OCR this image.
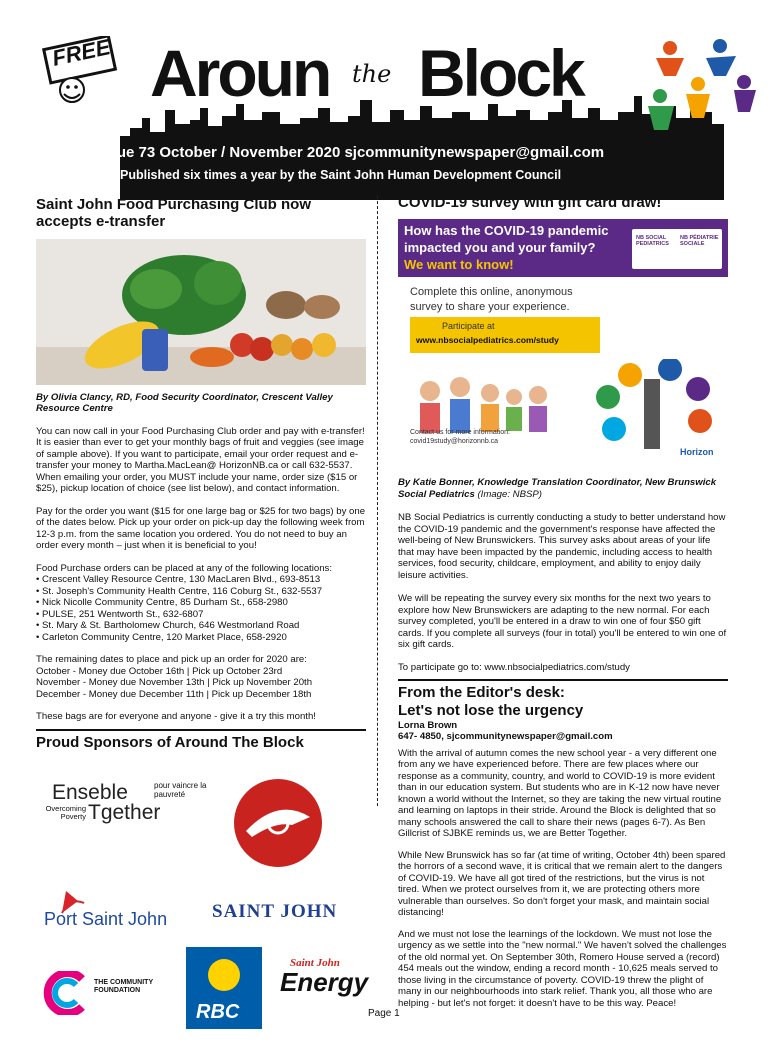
FREE Aroun the Block
Issue 73 October / November 2020 sjcommunitynewspaper@gmail.com
Published six times a year by the Saint John Human Development Council
Saint John Food Purchasing Club now accepts e-transfer

By Olivia Clancy, RD, Food Security Coordinator, Crescent Valley Resource Centre

You can now call in your Food Purchasing Club order and pay with e-transfer! It is easier than ever to get your monthly bags of fruit and veggies (see image of sample above). If you want to participate, email your order request and e-transfer your money to Martha.MacLean@ HorizonNB.ca or call 632-5537. When emailing your order, you MUST include your name, order size ($15 or $25), pickup location of choice (see list below), and contact information.

Pay for the order you want ($15 for one large bag or $25 for two bags) by one of the dates below. Pick up your order on pick-up day the following week from 12-3 p.m. from the same location you ordered. You do not need to buy an order every month – just when it is beneficial to you!

Food Purchase orders can be placed at any of the following locations:

• Crescent Valley Resource Centre, 130 MacLaren Blvd., 693-8513

• St. Joseph's Community Health Centre, 116 Coburg St., 632-5537

• Nick Nicolle Community Centre, 85 Durham St., 658-2980

• PULSE, 251 Wentworth St., 632-6807

• St. Mary & St. Bartholomew Church, 646 Westmorland Road

• Carleton Community Centre, 120 Market Place, 658-2920

The remaining dates to place and pick up an order for 2020 are:

October - Money due October 16th | Pick up October 23rd

November - Money due November 13th | Pick up November 20th

December - Money due December 11th | Pick up December 18th

These bags are for everyone and anyone - give it a try this month!

Proud Sponsors of Around The Block
Enseble	pour vaincre la pauvreté
Overcoming Poverty Tgether
Port Saint John SAINT JOHN
THE COMMUNITY FOUNDATION
RBC
Saint John
Energy
COVID-19 survey with gift card draw!
How has the COVID-19 pandemic
impacted you and your family?
We want to know!
NB SOCIAL PEDIATRICS
NB PÉDIATRIE SOCIALE
Complete this online, anonymous survey to share your experience.
Participate at
www.nbsocialpediatrics.com/study
Contact us for more information: covid19study@horizonnb.ca
Horizon

By Katie Bonner, Knowledge Translation Coordinator, New Brunswick Social Pediatrics (Image: NBSP)

NB Social Pediatrics is currently conducting a study to better understand how the COVID-19 pandemic and the government's response have affected the well-being of New Brunswickers. This survey asks about areas of your life that may have been impacted by the pandemic, including access to health services, food security, childcare, employment, and ability to enjoy daily leisure activities.

We will be repeating the survey every six months for the next two years to explore how New Brunswickers are adapting to the new normal. For each survey completed, you'll be entered in a draw to win one of four $50 gift cards. If you complete all surveys (four in total) you'll be entered to win one of six gift cards.

To participate go to: www.nbsocialpediatrics.com/study

From the Editor's desk:
Let's not lose the urgency

Lorna Brown

647- 4850, sjcommunitynewspaper@gmail.com

With the arrival of autumn comes the new school year - a very different one from any we have experienced before. There are few places where our response as a community, country, and world to COVID-19 is more evident than in our education system. But students who are in K-12 now have never known a world without the Internet, so they are taking the new virtual routine and learning on laptops in their stride. Around the Block is delighted that so many schools answered the call to share their news (pages 6-7). As Ben Gillcrist of SJBKE reminds us, we are Better Together.

While New Brunswick has so far (at time of writing, October 4th) been spared the horrors of a second wave, it is critical that we remain alert to the dangers of COVID-19. We have all got tired of the restrictions, but the virus is not tired. When we protect ourselves from it, we are protecting others more vulnerable than ourselves. So don't forget your mask, and maintain social distancing!

And we must not lose the learnings of the lockdown. We must not lose the urgency as we settle into the "new normal." We haven't solved the challenges of the old normal yet. On September 30th, Romero House served a (record) 454 meals out the window, ending a record month - 10,625 meals served to those living in the circumstance of poverty. COVID-19 threw the plight of many in our neighbourhoods into stark relief. Thank you, all those who are helping - but let's not forget: it doesn't have to be this way. Peace!

Page 1
